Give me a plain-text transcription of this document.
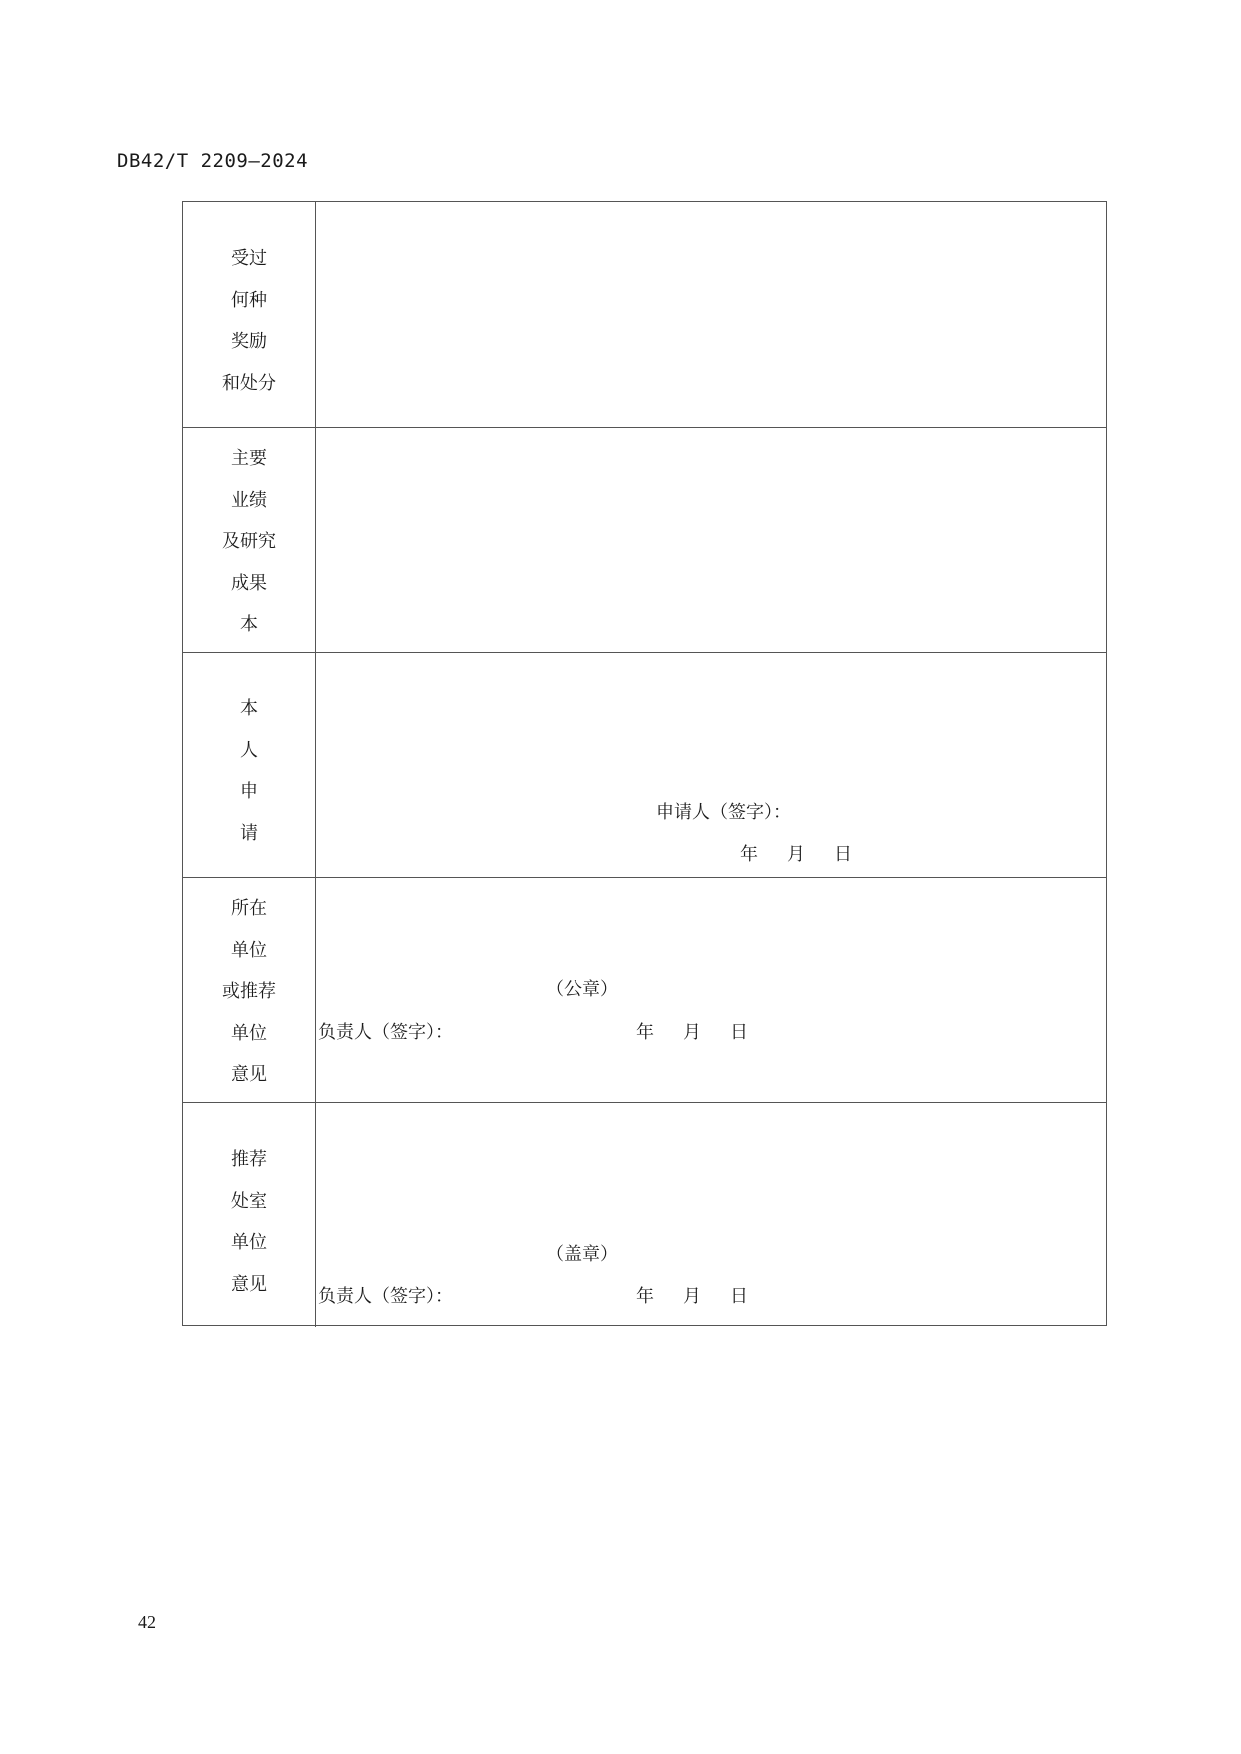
DB42/T 2209—2024
受过
何种
奖励
和处分
主要
业绩
及研究
成果
本
本
人
申
请
申请人（签字）：
年 月 日
所在
单位
或推荐
单位
意见
（公章）
负责人（签字）：	年 月 日
推荐
处室
单位
意见
（盖章）
负责人（签字）：	年 月 日
42
